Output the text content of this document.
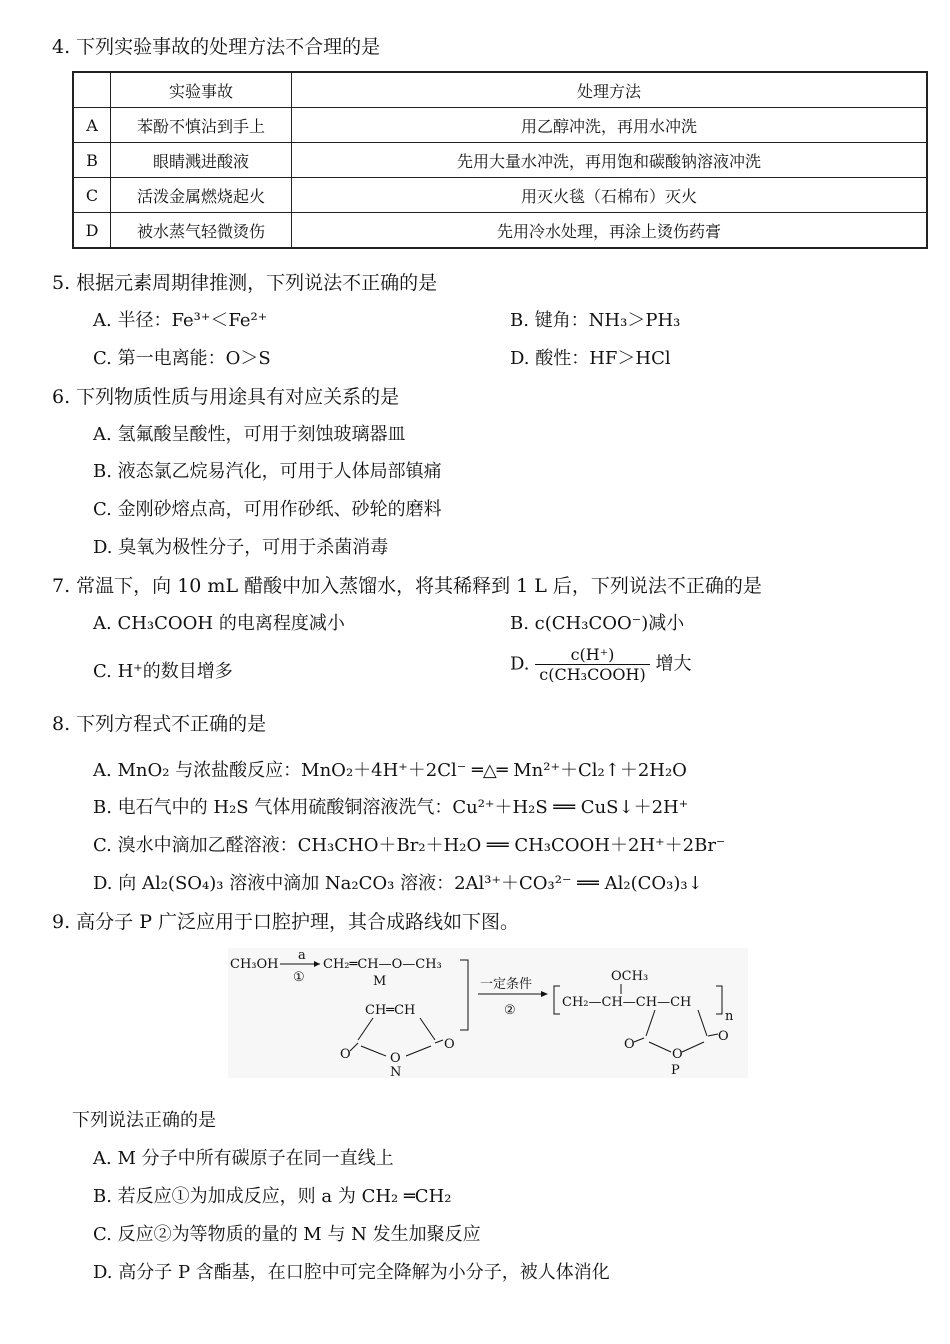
4. 下列实验事故的处理方法不合理的是
	实验事故	处理方法
A	苯酚不慎沾到手上	用乙醇冲洗，再用水冲洗
B	眼睛溅进酸液	先用大量水冲洗，再用饱和碳酸钠溶液冲洗
C	活泼金属燃烧起火	用灭火毯（石棉布）灭火
D	被水蒸气轻微烫伤	先用冷水处理，再涂上烫伤药膏
5. 根据元素周期律推测，下列说法不正确的是
A. 半径：Fe³⁺＜Fe²⁺	B. 键角：NH₃＞PH₃
C. 第一电离能：O＞S	D. 酸性：HF＞HCl
6. 下列物质性质与用途具有对应关系的是
A. 氢氟酸呈酸性，可用于刻蚀玻璃器皿
B. 液态氯乙烷易汽化，可用于人体局部镇痛
C. 金刚砂熔点高，可用作砂纸、砂轮的磨料
D. 臭氧为极性分子，可用于杀菌消毒
7. 常温下，向 10 mL 醋酸中加入蒸馏水，将其稀释到 1 L 后，下列说法不正确的是
A. CH₃COOH 的电离程度减小	B. c(CH₃COO⁻)减小
C. H⁺的数目增多	D. $\frac{c(H^+)}{\text{c(CH₃COOH)}}$ 增大
8. 下列方程式不正确的是
A. MnO₂ 与浓盐酸反应：MnO₂＋4H⁺＋2Cl⁻ ═△═ Mn²⁺＋Cl₂↑＋2H₂O
B. 电石气中的 H₂S 气体用硫酸铜溶液洗气：Cu²⁺＋H₂S ══ CuS↓＋2H⁺
C. 溴水中滴加乙醛溶液：CH₃CHO＋Br₂＋H₂O ══ CH₃COOH＋2H⁺＋2Br⁻
D. 向 Al₂(SO₄)₃ 溶液中滴加 Na₂CO₃ 溶液：2Al³⁺＋CO₃²⁻ ══ Al₂(CO₃)₃↓
9. 高分子 P 广泛应用于口腔护理，其合成路线如下图。
CH₃OH
a
①
CH₂═CH—O—CH₃
M
CH═CH
O
O
O
N
一定条件
②
CH₂—CH—CH—CH
n
OCH₃
O
O
O
P
下列说法正确的是
A. M 分子中所有碳原子在同一直线上
B. 若反应①为加成反应，则 a 为 CH₂ ═CH₂
C. 反应②为等物质的量的 M 与 N 发生加聚反应
D. 高分子 P 含酯基，在口腔中可完全降解为小分子，被人体消化
